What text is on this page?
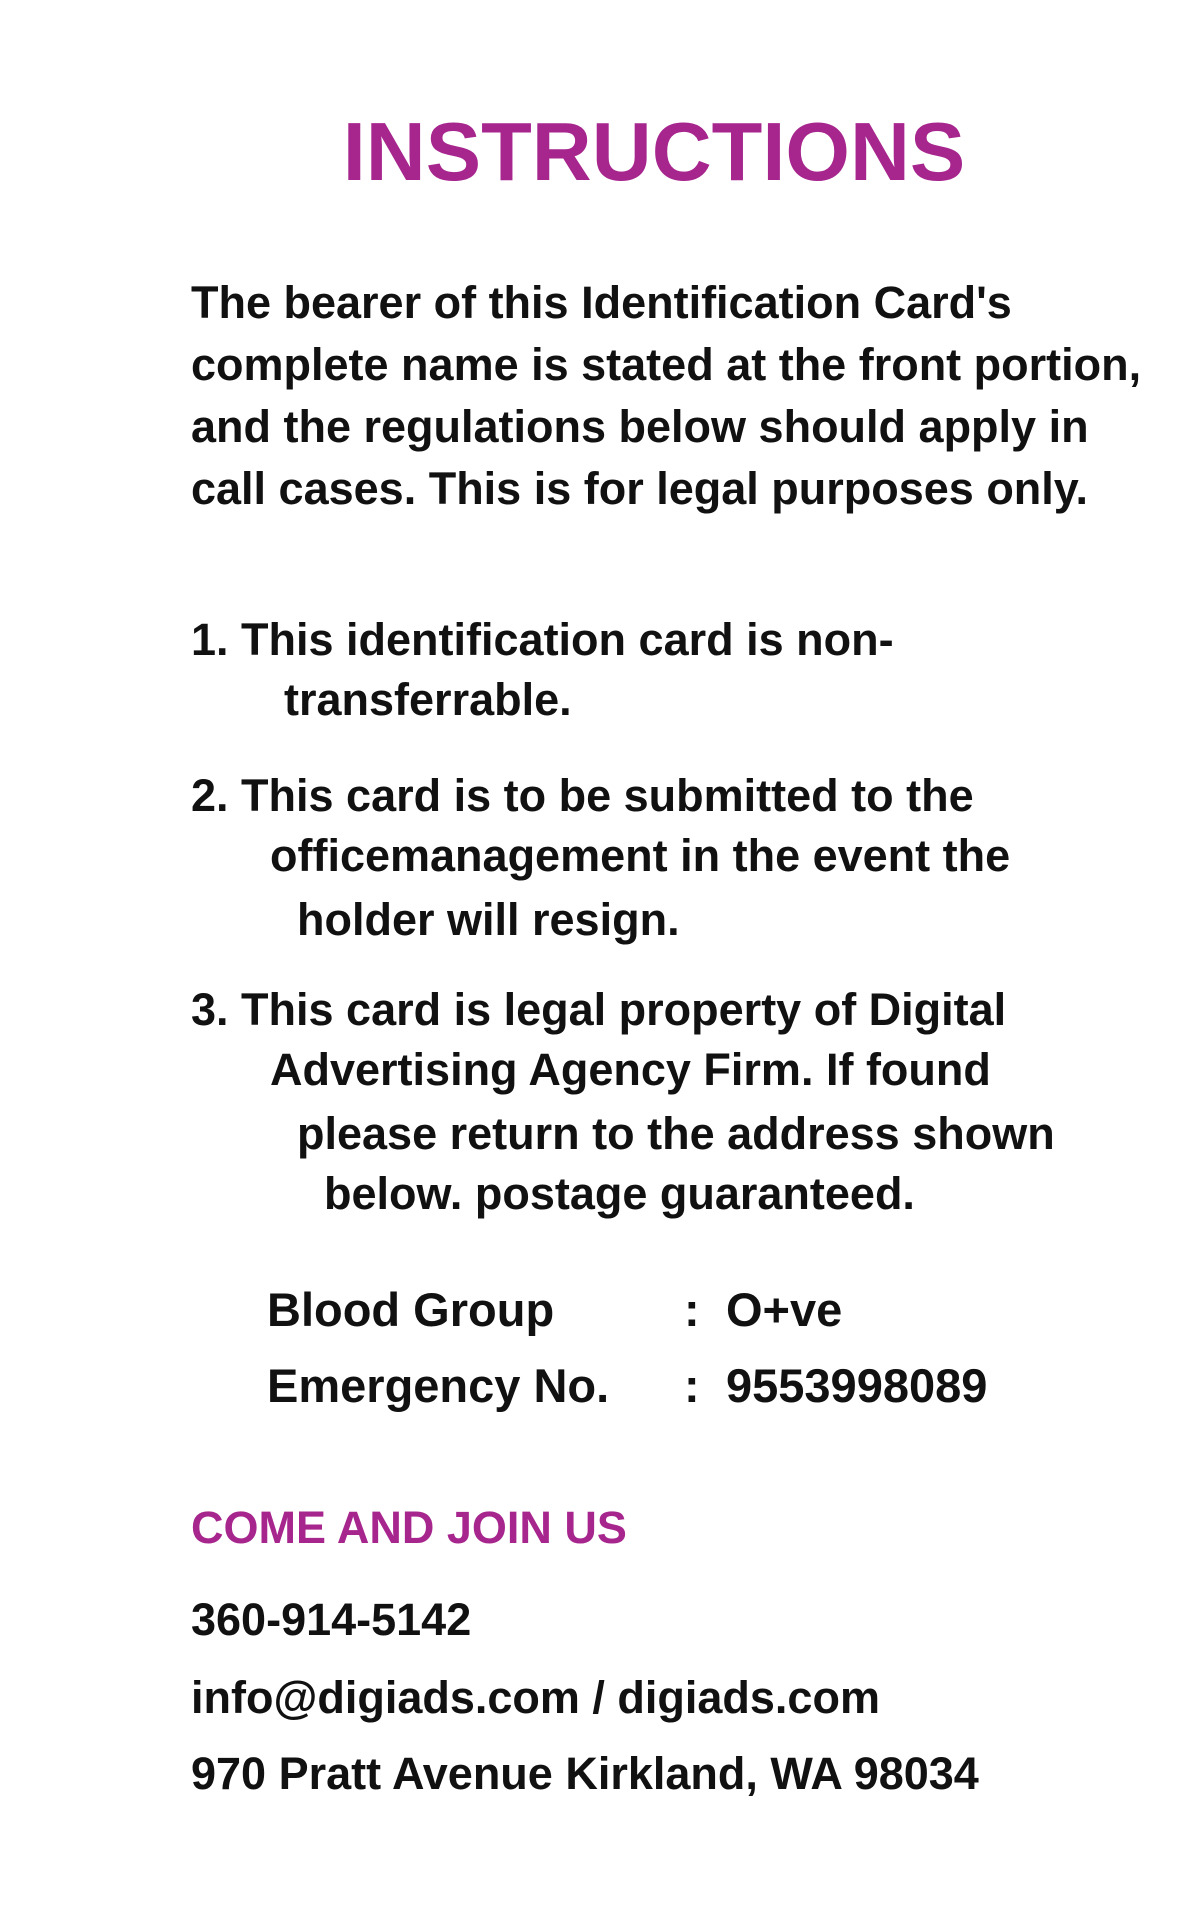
INSTRUCTIONS

The bearer of this Identification Card's complete name is stated at the front portion, and the regulations below should apply in call cases. This is for legal purposes only.

1. This identification card is non-

transferrable.

2. This card is to be submitted to the

officemanagement in the event the

holder will resign.

3. This card is legal property of Digital

Advertising Agency Firm. If found

please return to the address shown

below. postage guaranteed.

Blood Group	: O+ve
Emergency No. : 9553998089
COME AND JOIN US

360-914-5142

info@digiads.com / digiads.com

970 Pratt Avenue Kirkland, WA 98034
